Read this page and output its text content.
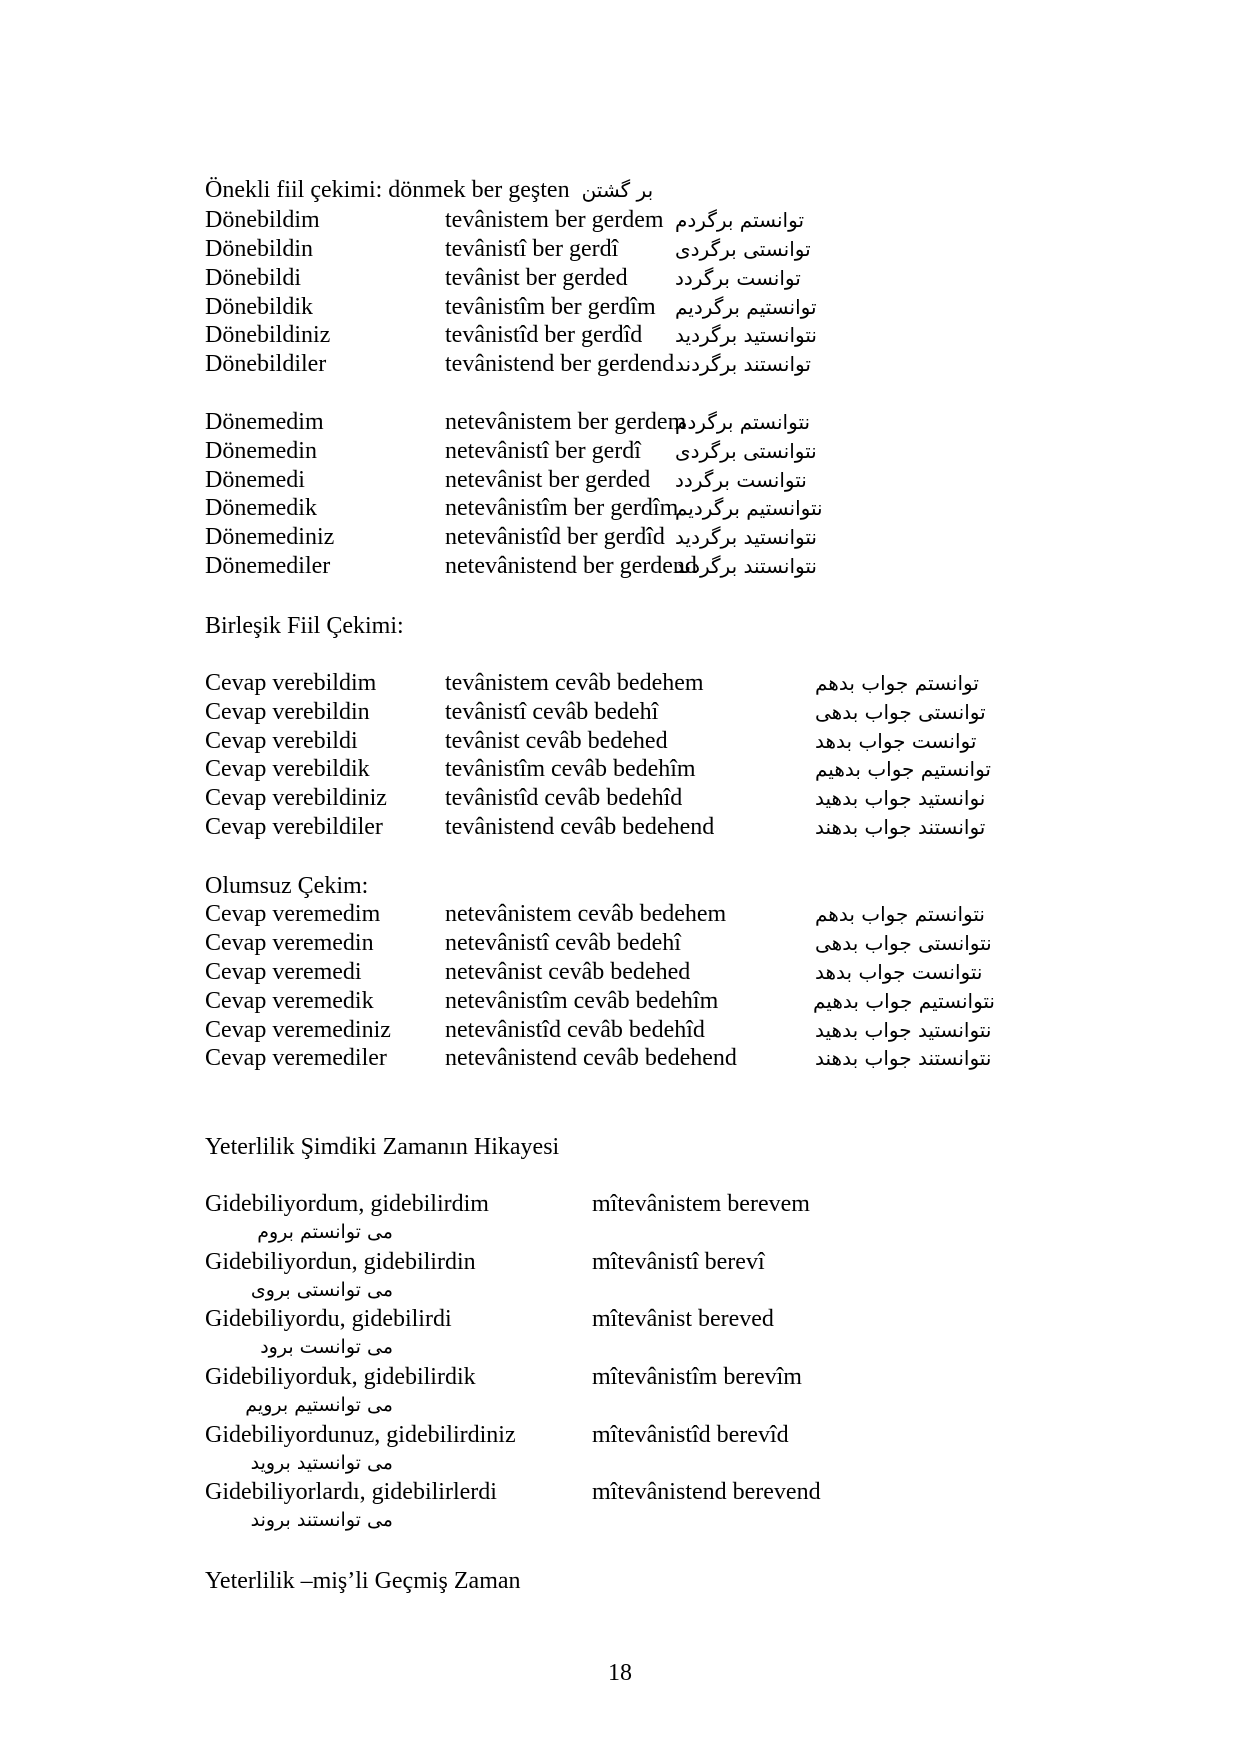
Önekli fiil çekimi: dönmek ber geşten بر گشتن
Dönebildim	tevânistem ber gerdem توانستم برگردم
Dönebildin	tevânistî ber gerdî	توانستی برگردی
Dönebildi	tevânist ber gerded توانست برگردد
Dönebildik	tevânistîm ber gerdîm توانستیم برگردیم
Dönebildiniz	tevânistîd ber gerdîd نتوانستید برگردید
Dönebildiler	tevânistend ber gerdend توانستند برگردند
Dönemedim	netevânistem ber gerdem
نتوانستم برگردم
Dönemedin	netevânistî ber gerdî نتوانستی برگردی
Dönemedi	netevânist ber gerded نتوانست برگردد
Dönemedik	netevânistîm ber gerdîm
نتوانستیم برگردیم
Dönemediniz	netevânistîd ber gerdîd نتوانستید برگردید
Dönemediler	netevânistend ber gerdend
نتوانستند برگردند
Birleşik Fiil Çekimi:
Cevap verebildim	tevânistem cevâb bedehem	توانستم جواب بدهم
Cevap verebildin	tevânistî cevâb bedehî	توانستی جواب بدهی
Cevap verebildi	tevânist cevâb bedehed	توانست جواب بدهد
Cevap verebildik	tevânistîm cevâb bedehîm	توانستیم جواب بدهیم
Cevap verebildiniz tevânistîd cevâb bedehîd	نوانستید جواب بدهید
Cevap verebildiler	tevânistend cevâb bedehend	توانستند جواب بدهند
Olumsuz Çekim:
Cevap veremedim	netevânistem cevâb bedehem	نتوانستم جواب بدهم
Cevap veremedin	netevânistî cevâb bedehî	نتوانستی جواب بدهی
Cevap veremedi	netevânist cevâb bedehed	نتوانست جواب بدهد
Cevap veremedik	netevânistîm cevâb bedehîm	نتوانستیم جواب بدهیم
Cevap veremediniz netevânistîd cevâb bedehîd	نتوانستید جواب بدهید
Cevap veremediler netevânistend cevâb bedehend	نتوانستند جواب بدهند
Yeterlilik Şimdiki Zamanın Hikayesi
Gidebiliyordum, gidebilirdim	mîtevânistem berevem
می توانستم بروم
Gidebiliyordun, gidebilirdin	mîtevânistî berevî
می توانستی بروی
Gidebiliyordu, gidebilirdi	mîtevânist bereved
می توانست برود
Gidebiliyorduk, gidebilirdik	mîtevânistîm berevîm
می توانستیم برویم
Gidebiliyordunuz, gidebilirdiniz	mîtevânistîd berevîd
می توانستید بروید
Gidebiliyorlardı, gidebilirlerdi	mîtevânistend berevend
می توانستند بروند
Yeterlilik –miş’li Geçmiş Zaman
18
